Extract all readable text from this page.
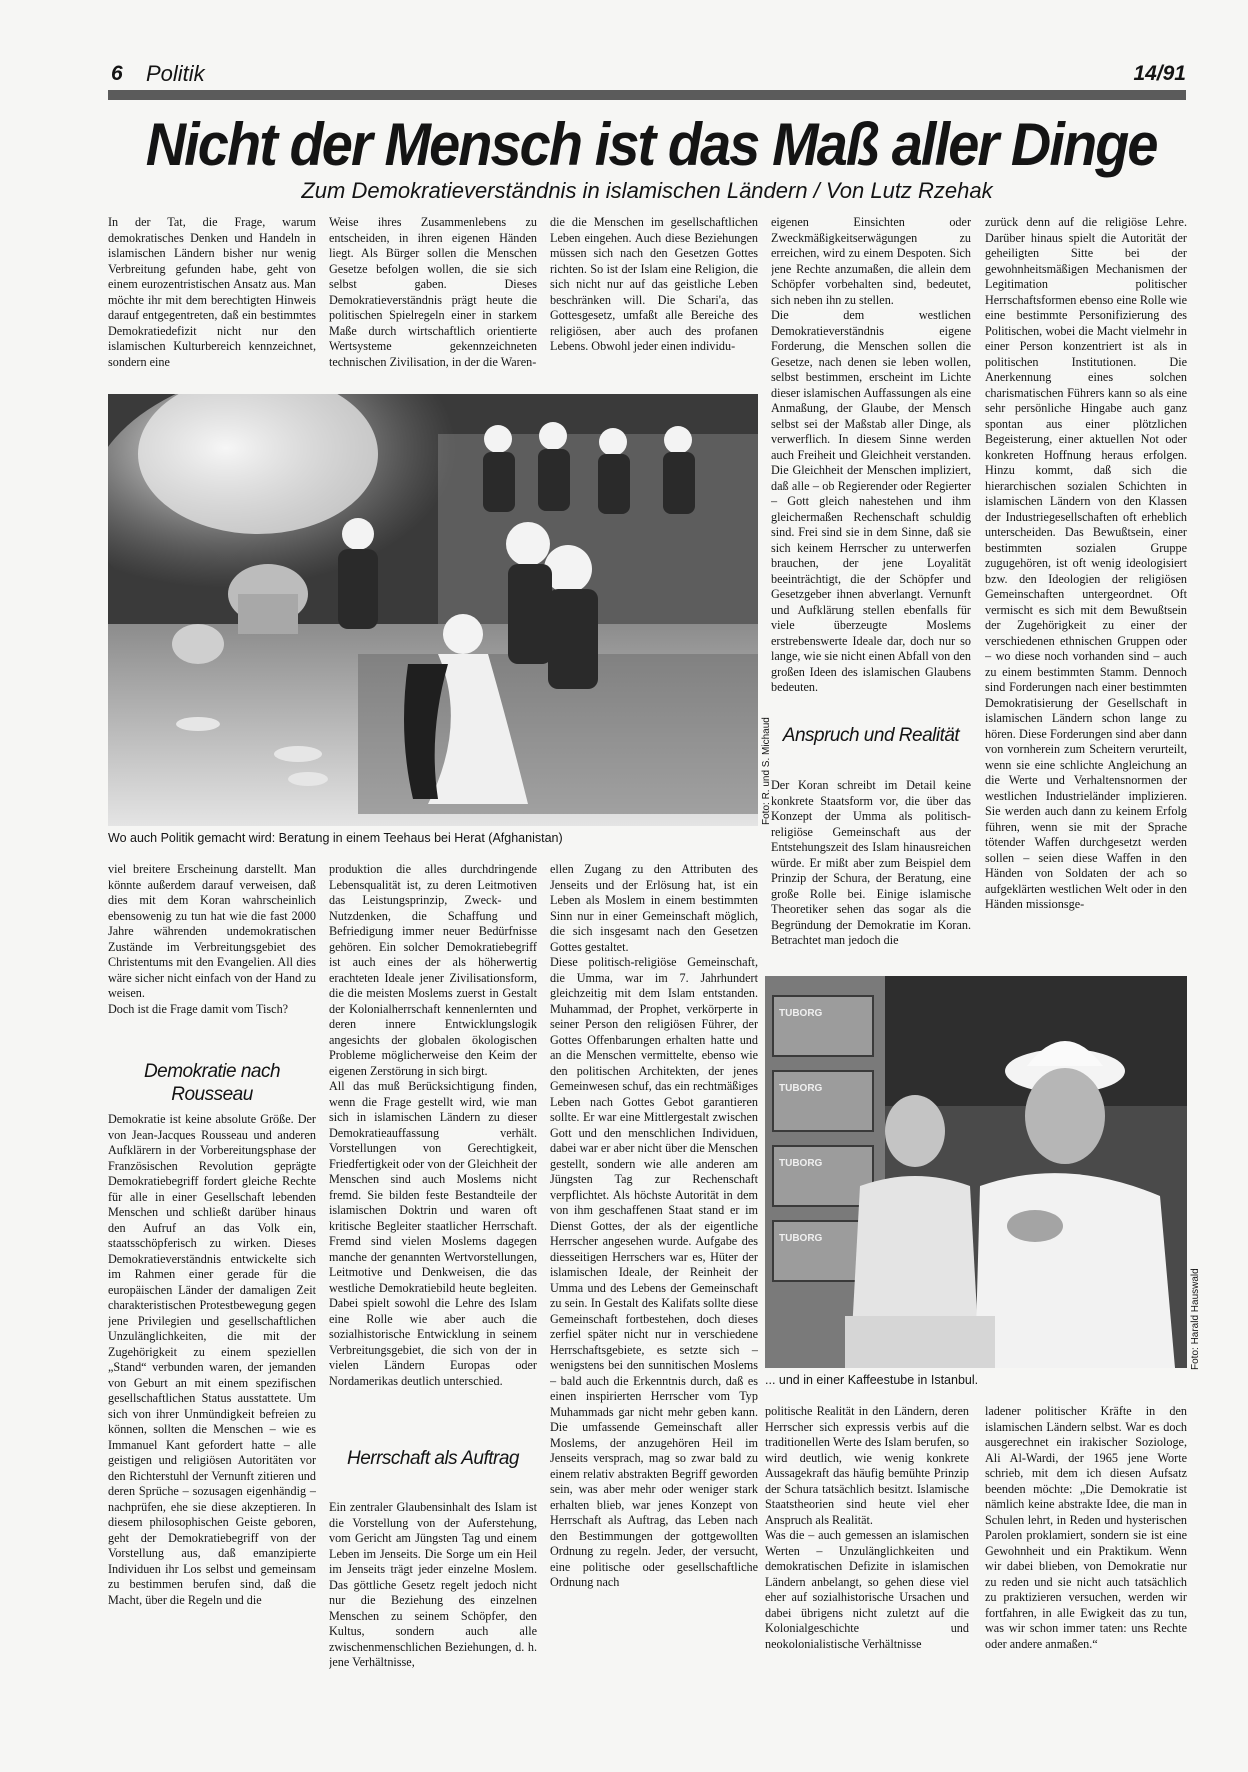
6 Politik	14/91
Nicht der Mensch ist das Maß aller Dinge
Zum Demokratieverständnis in islamischen Ländern / Von Lutz Rzehak

In der Tat, die Frage, warum demokratisches Denken und Handeln in islamischen Ländern bisher nur wenig Verbreitung gefunden habe, geht von einem eurozentristischen Ansatz aus. Man möchte ihr mit dem berechtigten Hinweis darauf entgegentreten, daß ein bestimmtes Demokratiedefizit nicht nur den islamischen Kulturbereich kennzeichnet, sondern eine

Weise ihres Zusammenlebens zu entscheiden, in ihren eigenen Händen liegt. Als Bürger sollen die Menschen Gesetze befolgen wollen, die sie sich selbst gaben. Dieses Demokratieverständnis prägt heute die politischen Spielregeln einer in starkem Maße durch wirtschaftlich orientierte Wertsysteme gekennzeichneten technischen Zivilisation, in der die Waren-

die die Menschen im gesellschaftlichen Leben eingehen. Auch diese Beziehungen müssen sich nach den Gesetzen Gottes richten. So ist der Islam eine Religion, die sich nicht nur auf das geistliche Leben beschränken will. Die Schari'a, das Gottesgesetz, umfaßt alle Bereiche des religiösen, aber auch des profanen Lebens. Obwohl jeder einen individu-

eigenen Einsichten oder Zweckmäßigkeitserwägungen zu erreichen, wird zu einem Despoten. Sich jene Rechte anzumaßen, die allein dem Schöpfer vorbehalten sind, bedeutet, sich neben ihn zu stellen.

Die dem westlichen Demokratieverständnis eigene Forderung, die Menschen sollen die Gesetze, nach denen sie leben wollen, selbst bestimmen, erscheint im Lichte dieser islamischen Auffassungen als eine Anmaßung, der Glaube, der Mensch selbst sei der Maßstab aller Dinge, als verwerflich. In diesem Sinne werden auch Freiheit und Gleichheit verstanden. Die Gleichheit der Menschen impliziert, daß alle – ob Regierender oder Regierter – Gott gleich nahestehen und ihm gleichermaßen Rechenschaft schuldig sind. Frei sind sie in dem Sinne, daß sie sich keinem Herrscher zu unterwerfen brauchen, der jene Loyalität beeinträchtigt, die der Schöpfer und Gesetzgeber ihnen abverlangt. Vernunft und Aufklärung stellen ebenfalls für viele überzeugte Moslems erstrebenswerte Ideale dar, doch nur so lange, wie sie nicht einen Abfall von den großen Ideen des islamischen Glaubens bedeuten.

Anspruch und Realität

Der Koran schreibt im Detail keine konkrete Staatsform vor, die über das Konzept der Umma als politisch-religiöse Gemeinschaft aus der Entstehungszeit des Islam hinausreichen würde. Er mißt aber zum Beispiel dem Prinzip der Schura, der Beratung, eine große Rolle bei. Einige islamische Theoretiker sehen das sogar als die Begründung der Demokratie im Koran. Betrachtet man jedoch die

zurück denn auf die religiöse Lehre. Darüber hinaus spielt die Autorität der geheiligten Sitte bei der gewohnheitsmäßigen Mechanismen der Legitimation politischer Herrschaftsformen ebenso eine Rolle wie eine bestimmte Personifizierung des Politischen, wobei die Macht vielmehr in einer Person konzentriert ist als in politischen Institutionen. Die Anerkennung eines solchen charismatischen Führers kann so als eine sehr persönliche Hingabe auch ganz spontan aus einer plötzlichen Begeisterung, einer aktuellen Not oder konkreten Hoffnung heraus erfolgen. Hinzu kommt, daß sich die hierarchischen sozialen Schichten in islamischen Ländern von den Klassen der Industriegesellschaften oft erheblich unterscheiden. Das Bewußtsein, einer bestimmten sozialen Gruppe zugugehören, ist oft wenig ideologisiert bzw. den Ideologien der religiösen Gemeinschaften untergeordnet. Oft vermischt es sich mit dem Bewußtsein der Zugehörigkeit zu einer der verschiedenen ethnischen Gruppen oder – wo diese noch vorhanden sind – auch zu einem bestimmten Stamm. Dennoch sind Forderungen nach einer bestimmten Demokratisierung der Gesellschaft in islamischen Ländern schon lange zu hören. Diese Forderungen sind aber dann von vornherein zum Scheitern verurteilt, wenn sie eine schlichte Angleichung an die Werte und Verhaltensnormen der westlichen Industrieländer implizieren. Sie werden auch dann zu keinem Erfolg führen, wenn sie mit der Sprache tötender Waffen durchgesetzt werden sollen – seien diese Waffen in den Händen von Soldaten der ach so aufgeklärten westlichen Welt oder in den Händen missionsge-

Wo auch Politik gemacht wird: Beratung in einem Teehaus bei Herat (Afghanistan)
Foto: R. und S. Michaud

viel breitere Erscheinung darstellt. Man könnte außerdem darauf verweisen, daß dies mit dem Koran wahrscheinlich ebensowenig zu tun hat wie die fast 2000 Jahre währenden undemokratischen Zustände im Verbreitungsgebiet des Christentums mit den Evangelien. All dies wäre sicher nicht einfach von der Hand zu weisen.

Doch ist die Frage damit vom Tisch?

Demokratie nach Rousseau

Demokratie ist keine absolute Größe. Der von Jean-Jacques Rousseau und anderen Aufklärern in der Vorbereitungsphase der Französischen Revolution geprägte Demokratiebegriff fordert gleiche Rechte für alle in einer Gesellschaft lebenden Menschen und schließt darüber hinaus den Aufruf an das Volk ein, staatsschöpferisch zu wirken. Dieses Demokratieverständnis entwickelte sich im Rahmen einer gerade für die europäischen Länder der damaligen Zeit charakteristischen Protestbewegung gegen jene Privilegien und gesellschaftlichen Unzulänglichkeiten, die mit der Zugehörigkeit zu einem speziellen „Stand“ verbunden waren, der jemanden von Geburt an mit einem spezifischen gesellschaftlichen Status ausstattete. Um sich von ihrer Unmündigkeit befreien zu können, sollten die Menschen – wie es Immanuel Kant gefordert hatte – alle geistigen und religiösen Autoritäten vor den Richterstuhl der Vernunft zitieren und deren Sprüche – sozusagen eigenhändig – nachprüfen, ehe sie diese akzeptieren. In diesem philosophischen Geiste geboren, geht der Demokratiebegriff von der Vorstellung aus, daß emanzipierte Individuen ihr Los selbst und gemeinsam zu bestimmen berufen sind, daß die Macht, über die Regeln und die

produktion die alles durchdringende Lebensqualität ist, zu deren Leitmotiven das Leistungsprinzip, Zweck- und Nutzdenken, die Schaffung und Befriedigung immer neuer Bedürfnisse gehören. Ein solcher Demokratiebegriff ist auch eines der als höherwertig erachteten Ideale jener Zivilisationsform, die die meisten Moslems zuerst in Gestalt der Kolonialherrschaft kennenlernten und deren innere Entwicklungslogik angesichts der globalen ökologischen Probleme möglicherweise den Keim der eigenen Zerstörung in sich birgt.

All das muß Berücksichtigung finden, wenn die Frage gestellt wird, wie man sich in islamischen Ländern zu dieser Demokratieauffassung verhält. Vorstellungen von Gerechtigkeit, Friedfertigkeit oder von der Gleichheit der Menschen sind auch Moslems nicht fremd. Sie bilden feste Bestandteile der islamischen Doktrin und waren oft kritische Begleiter staatlicher Herrschaft. Fremd sind vielen Moslems dagegen manche der genannten Wertvorstellungen, Leitmotive und Denkweisen, die das westliche Demokratiebild heute begleiten. Dabei spielt sowohl die Lehre des Islam eine Rolle wie aber auch die sozialhistorische Entwicklung in seinem Verbreitungsgebiet, die sich von der in vielen Ländern Europas oder Nordamerikas deutlich unterschied.

Herrschaft als Auftrag

Ein zentraler Glaubensinhalt des Islam ist die Vorstellung von der Auferstehung, vom Gericht am Jüngsten Tag und einem Leben im Jenseits. Die Sorge um ein Heil im Jenseits trägt jeder einzelne Moslem. Das göttliche Gesetz regelt jedoch nicht nur die Beziehung des einzelnen Menschen zu seinem Schöpfer, den Kultus, sondern auch alle zwischenmenschlichen Beziehungen, d. h. jene Verhältnisse,

ellen Zugang zu den Attributen des Jenseits und der Erlösung hat, ist ein Leben als Moslem in einem bestimmten Sinn nur in einer Gemeinschaft möglich, die sich insgesamt nach den Gesetzen Gottes gestaltet.

Diese politisch-religiöse Gemeinschaft, die Umma, war im 7. Jahrhundert gleichzeitig mit dem Islam entstanden. Muhammad, der Prophet, verkörperte in seiner Person den religiösen Führer, der Gottes Offenbarungen erhalten hatte und an die Menschen vermittelte, ebenso wie den politischen Architekten, der jenes Gemeinwesen schuf, das ein rechtmäßiges Leben nach Gottes Gebot garantieren sollte. Er war eine Mittlergestalt zwischen Gott und den menschlichen Individuen, dabei war er aber nicht über die Menschen gestellt, sondern wie alle anderen am Jüngsten Tag zur Rechenschaft verpflichtet. Als höchste Autorität in dem von ihm geschaffenen Staat stand er im Dienst Gottes, der als der eigentliche Herrscher angesehen wurde. Aufgabe des diesseitigen Herrschers war es, Hüter der islamischen Ideale, der Reinheit der Umma und des Lebens der Gemeinschaft zu sein. In Gestalt des Kalifats sollte diese Gemeinschaft fortbestehen, doch dieses zerfiel später nicht nur in verschiedene Herrschaftsgebiete, es setzte sich – wenigstens bei den sunnitischen Moslems – bald auch die Erkenntnis durch, daß es einen inspirierten Herrscher vom Typ Muhammads gar nicht mehr geben kann. Die umfassende Gemeinschaft aller Moslems, der anzugehören Heil im Jenseits versprach, mag so zwar bald zu einem relativ abstrakten Begriff geworden sein, was aber mehr oder weniger stark erhalten blieb, war jenes Konzept von Herrschaft als Auftrag, das Leben nach den Bestimmungen der gottgewollten Ordnung zu regeln. Jeder, der versucht, eine politische oder gesellschaftliche Ordnung nach

TUBORG
TUBORG
TUBORG
TUBORG
... und in einer Kaffeestube in Istanbul.
Foto: Harald Hauswald

politische Realität in den Ländern, deren Herrscher sich expressis verbis auf die traditionellen Werte des Islam berufen, so wird deutlich, wie wenig konkrete Aussagekraft das häufig bemühte Prinzip der Schura tatsächlich besitzt. Islamische Staatstheorien sind heute viel eher Anspruch als Realität.

Was die – auch gemessen an islamischen Werten – Unzulänglichkeiten und demokratischen Defizite in islamischen Ländern anbelangt, so gehen diese viel eher auf sozialhistorische Ursachen und dabei übrigens nicht zuletzt auf die Kolonialgeschichte und neokolonialistische Verhältnisse

ladener politischer Kräfte in den islamischen Ländern selbst. War es doch ausgerechnet ein irakischer Soziologe, Ali Al-Wardi, der 1965 jene Worte schrieb, mit dem ich diesen Aufsatz beenden möchte: „Die Demokratie ist nämlich keine abstrakte Idee, die man in Schulen lehrt, in Reden und hysterischen Parolen proklamiert, sondern sie ist eine Gewohnheit und ein Praktikum. Wenn wir dabei blieben, von Demokratie nur zu reden und sie nicht auch tatsächlich zu praktizieren versuchen, werden wir fortfahren, in alle Ewigkeit das zu tun, was wir schon immer taten: uns Rechte oder andere anmaßen.“
